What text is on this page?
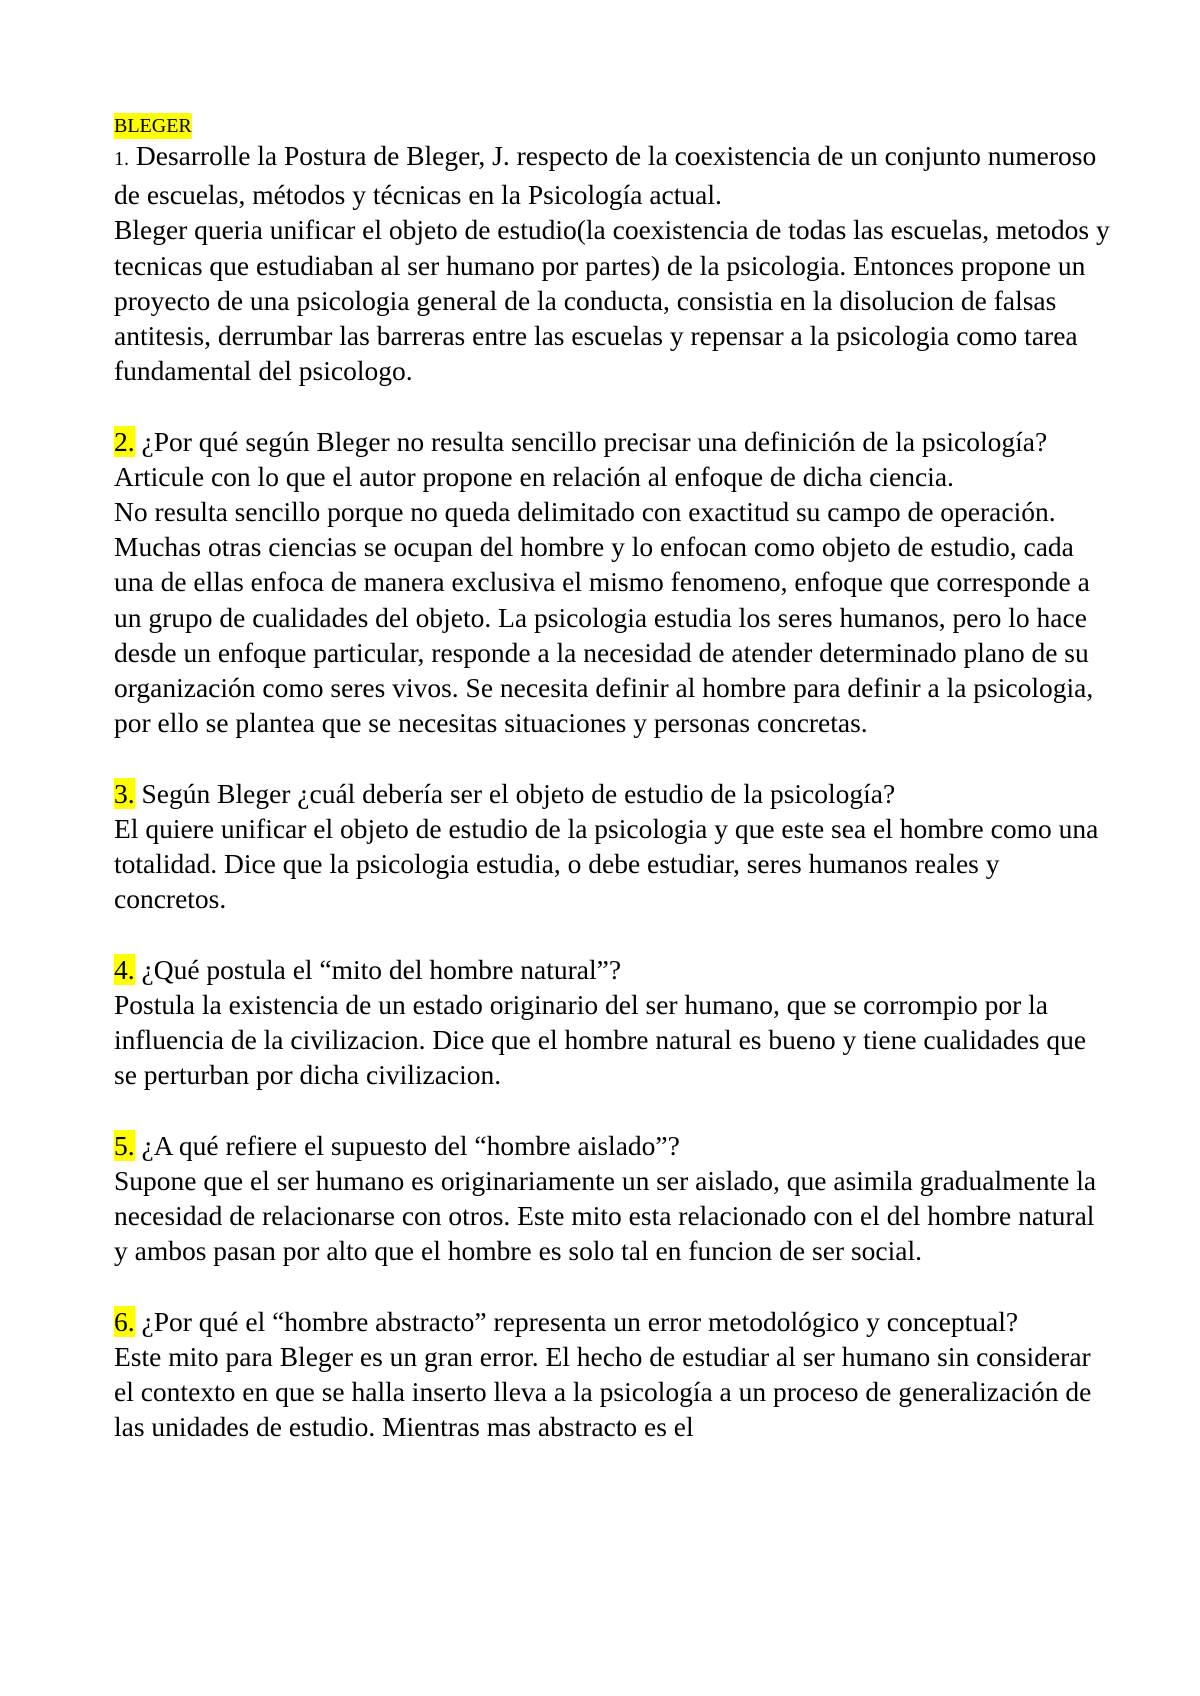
BLEGER

1. Desarrolle la Postura de Bleger, J. respecto de la coexistencia de un conjunto numeroso de escuelas, métodos y técnicas en la Psicología actual.

Bleger queria unificar el objeto de estudio(la coexistencia de todas las escuelas, metodos y tecnicas que estudiaban al ser humano por partes) de la psicologia. Entonces propone un proyecto de una psicologia general de la conducta, consistia en la disolucion de falsas antitesis, derrumbar las barreras entre las escuelas y repensar a la psicologia como tarea fundamental del psicologo.

2. ¿Por qué según Bleger no resulta sencillo precisar una definición de la psicología? Articule con lo que el autor propone en relación al enfoque de dicha ciencia.

No resulta sencillo porque no queda delimitado con exactitud su campo de operación. Muchas otras ciencias se ocupan del hombre y lo enfocan como objeto de estudio, cada una de ellas enfoca de manera exclusiva el mismo fenomeno, enfoque que corresponde a un grupo de cualidades del objeto. La psicologia estudia los seres humanos, pero lo hace desde un enfoque particular, responde a la necesidad de atender determinado plano de su organización como seres vivos. Se necesita definir al hombre para definir a la psicologia, por ello se plantea que se necesitas situaciones y personas concretas.

3. Según Bleger ¿cuál debería ser el objeto de estudio de la psicología?

El quiere unificar el objeto de estudio de la psicologia y que este sea el hombre como una totalidad. Dice que la psicologia estudia, o debe estudiar, seres humanos reales y concretos.

4. ¿Qué postula el “mito del hombre natural”?

Postula la existencia de un estado originario del ser humano, que se corrompio por la influencia de la civilizacion. Dice que el hombre natural es bueno y tiene cualidades que se perturban por dicha civilizacion.

5. ¿A qué refiere el supuesto del “hombre aislado”?

Supone que el ser humano es originariamente un ser aislado, que asimila gradualmente la necesidad de relacionarse con otros. Este mito esta relacionado con el del hombre natural y ambos pasan por alto que el hombre es solo tal en funcion de ser social.

6. ¿Por qué el “hombre abstracto” representa un error metodológico y conceptual?

Este mito para Bleger es un gran error. El hecho de estudiar al ser humano sin considerar el contexto en que se halla inserto lleva a la psicología a un proceso de generalización de las unidades de estudio. Mientras mas abstracto es el
